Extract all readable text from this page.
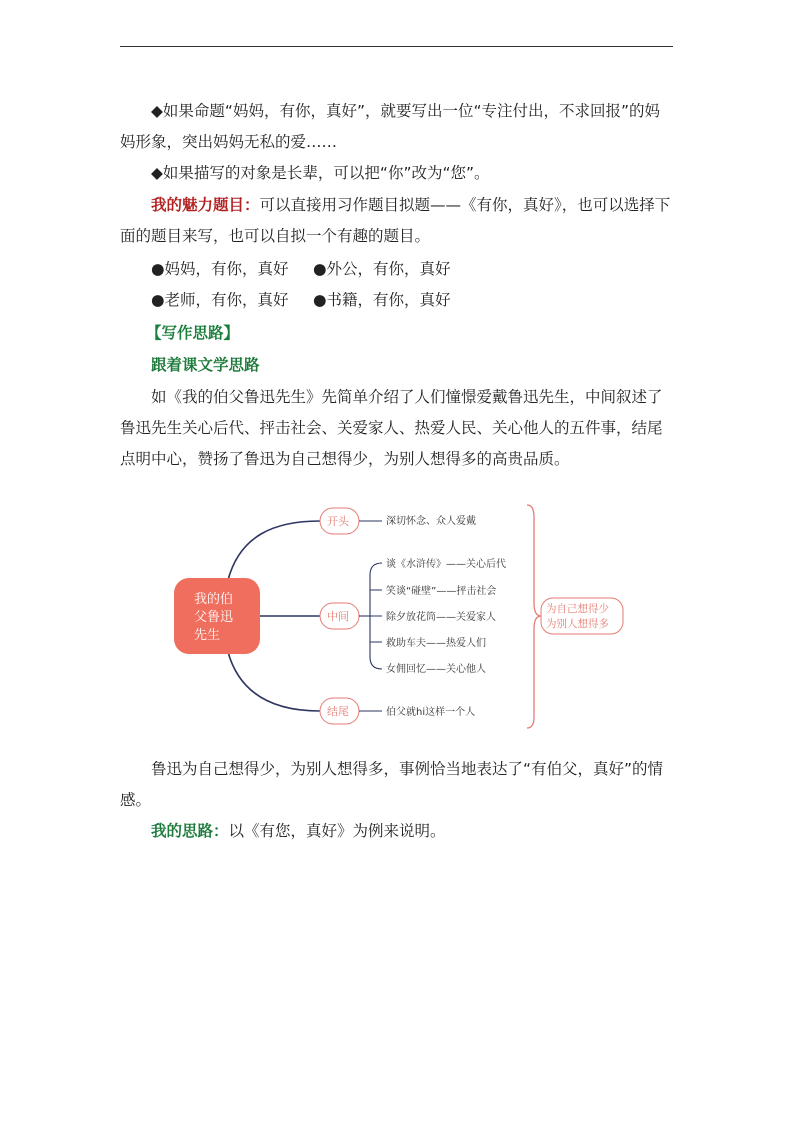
◆如果命题“妈妈，有你，真好”，就要写出一位“专注付出，不求回报”的妈妈形象，突出妈妈无私的爱……

◆如果描写的对象是长辈，可以把“你”改为“您”。

我的魅力题目：可以直接用习作题目拟题——《有你，真好》，也可以选择下面的题目来写，也可以自拟一个有趣的题目。

●妈妈，有你，真好 ●外公，有你，真好
●老师，有你，真好 ●书籍，有你，真好

【写作思路】

跟着课文学思路

如《我的伯父鲁迅先生》先简单介绍了人们憧憬爱戴鲁迅先生，中间叙述了鲁迅先生关心后代、抨击社会、关爱家人、热爱人民、关心他人的五件事，结尾点明中心，赞扬了鲁迅为自己想得少，为别人想得多的高贵品质。

我的伯
父鲁迅
先生
开头
中间
结尾
深切怀念、众人爱戴
谈《水浒传》——关心后代
笑谈“碰壁”——抨击社会
除夕放花筒——关爱家人
救助车夫——热爱人们
女佣回忆——关心他人
伯父就hi这样一个人
为自己想得少
为别人想得多

鲁迅为自己想得少，为别人想得多，事例恰当地表达了“有伯父，真好”的情感。

我的思路：以《有您，真好》为例来说明。
